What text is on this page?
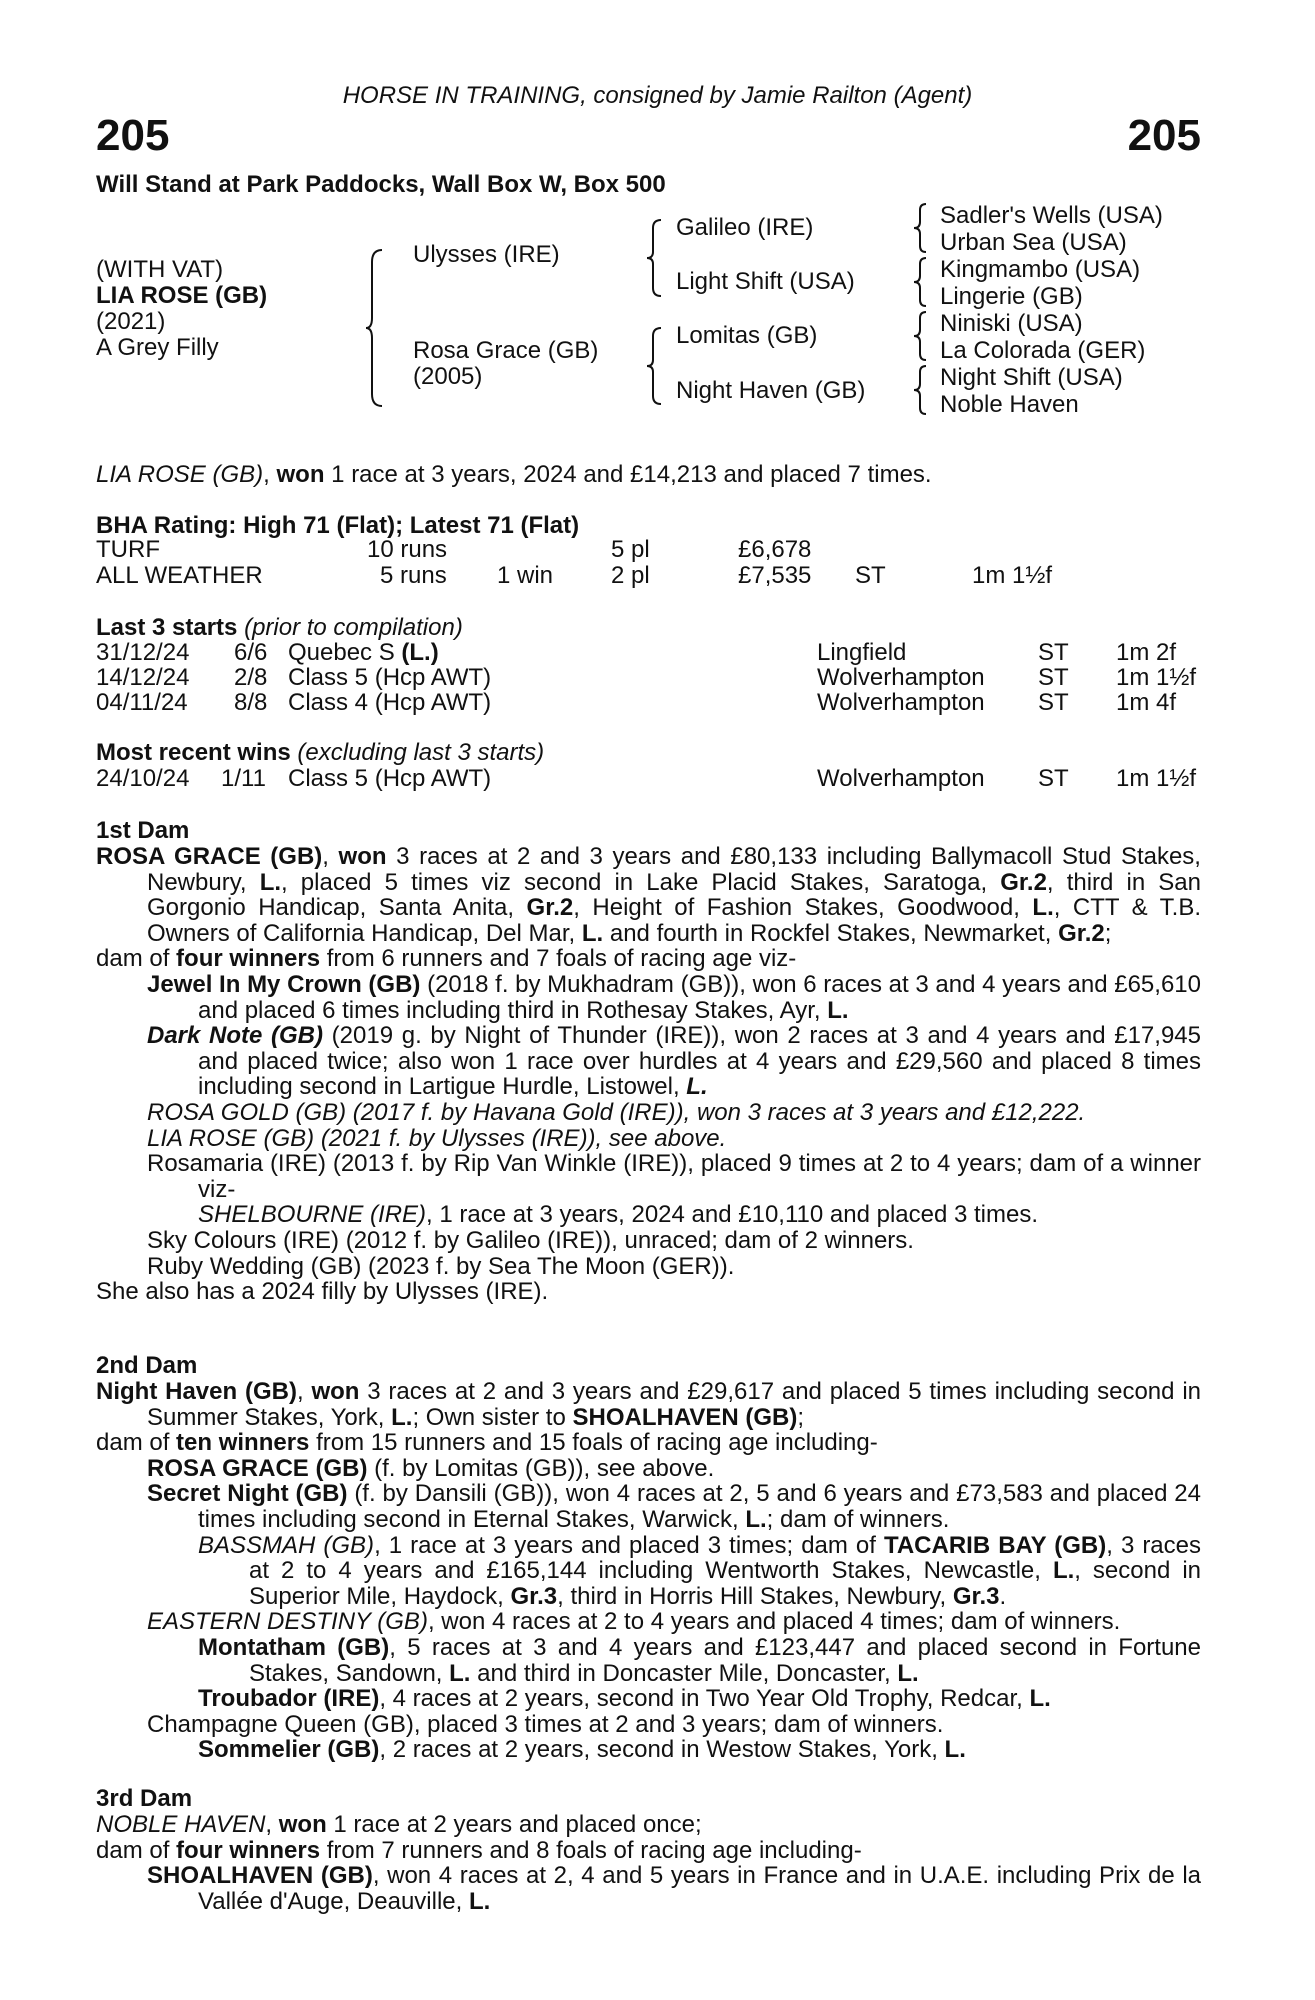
HORSE IN TRAINING, consigned by Jamie Railton (Agent)
205	205
Will Stand at Park Paddocks, Wall Box W, Box 500
(WITH VAT)
LIA ROSE (GB)
(2021)
A Grey Filly
Ulysses (IRE)
Rosa Grace (GB)
(2005)
Galileo (IRE)
Light Shift (USA)
Lomitas (GB)
Night Haven (GB)
Sadler's Wells (USA)
Urban Sea (USA)
Kingmambo (USA)
Lingerie (GB)
Niniski (USA)
La Colorada (GER)
Night Shift (USA)
Noble Haven
LIA ROSE (GB), won 1 race at 3 years, 2024 and £14,213 and placed 7 times.
BHA Rating: High 71 (Flat); Latest 71 (Flat)
TURF	10 runs	5 pl	£6,678
ALL WEATHER	5 runs 1 win 2 pl	£7,535 ST	1m 1½f
Last 3 starts (prior to compilation)
31/12/24 6/6 Quebec S (L.)	Lingfield	ST 1m 2f
14/12/24 2/8 Class 5 (Hcp AWT)	Wolverhampton ST 1m 1½f
04/11/24 8/8 Class 4 (Hcp AWT)	Wolverhampton ST 1m 4f
Most recent wins (excluding last 3 starts)
24/10/24 1/11 Class 5 (Hcp AWT)	Wolverhampton ST 1m 1½f
1st Dam
ROSA GRACE (GB), won 3 races at 2 and 3 years and £80,133 including Ballymacoll Stud Stakes, Newbury, L., placed 5 times viz second in Lake Placid Stakes, Saratoga, Gr.2, third in San Gorgonio Handicap, Santa Anita, Gr.2, Height of Fashion Stakes, Goodwood, L., CTT & T.B. Owners of California Handicap, Del Mar, L. and fourth in Rockfel Stakes, Newmarket, Gr.2;
dam of four winners from 6 runners and 7 foals of racing age viz-
Jewel In My Crown (GB) (2018 f. by Mukhadram (GB)), won 6 races at 3 and 4 years and £65,610 and placed 6 times including third in Rothesay Stakes, Ayr, L.
Dark Note (GB) (2019 g. by Night of Thunder (IRE)), won 2 races at 3 and 4 years and £17,945 and placed twice; also won 1 race over hurdles at 4 years and £29,560 and placed 8 times including second in Lartigue Hurdle, Listowel, L.
ROSA GOLD (GB) (2017 f. by Havana Gold (IRE)), won 3 races at 3 years and £12,222.
LIA ROSE (GB) (2021 f. by Ulysses (IRE)), see above.
Rosamaria (IRE) (2013 f. by Rip Van Winkle (IRE)), placed 9 times at 2 to 4 years; dam of a winner viz-
SHELBOURNE (IRE), 1 race at 3 years, 2024 and £10,110 and placed 3 times.
Sky Colours (IRE) (2012 f. by Galileo (IRE)), unraced; dam of 2 winners.
Ruby Wedding (GB) (2023 f. by Sea The Moon (GER)).
She also has a 2024 filly by Ulysses (IRE).
2nd Dam
Night Haven (GB), won 3 races at 2 and 3 years and £29,617 and placed 5 times including second in Summer Stakes, York, L.; Own sister to SHOALHAVEN (GB);
dam of ten winners from 15 runners and 15 foals of racing age including-
ROSA GRACE (GB) (f. by Lomitas (GB)), see above.
Secret Night (GB) (f. by Dansili (GB)), won 4 races at 2, 5 and 6 years and £73,583 and placed 24 times including second in Eternal Stakes, Warwick, L.; dam of winners.
BASSMAH (GB), 1 race at 3 years and placed 3 times; dam of TACARIB BAY (GB), 3 races at 2 to 4 years and £165,144 including Wentworth Stakes, Newcastle, L., second in Superior Mile, Haydock, Gr.3, third in Horris Hill Stakes, Newbury, Gr.3.
EASTERN DESTINY (GB), won 4 races at 2 to 4 years and placed 4 times; dam of winners.
Montatham (GB), 5 races at 3 and 4 years and £123,447 and placed second in Fortune Stakes, Sandown, L. and third in Doncaster Mile, Doncaster, L.
Troubador (IRE), 4 races at 2 years, second in Two Year Old Trophy, Redcar, L.
Champagne Queen (GB), placed 3 times at 2 and 3 years; dam of winners.
Sommelier (GB), 2 races at 2 years, second in Westow Stakes, York, L.
3rd Dam
NOBLE HAVEN, won 1 race at 2 years and placed once;
dam of four winners from 7 runners and 8 foals of racing age including-
SHOALHAVEN (GB), won 4 races at 2, 4 and 5 years in France and in U.A.E. including Prix de la Vallée d'Auge, Deauville, L.
